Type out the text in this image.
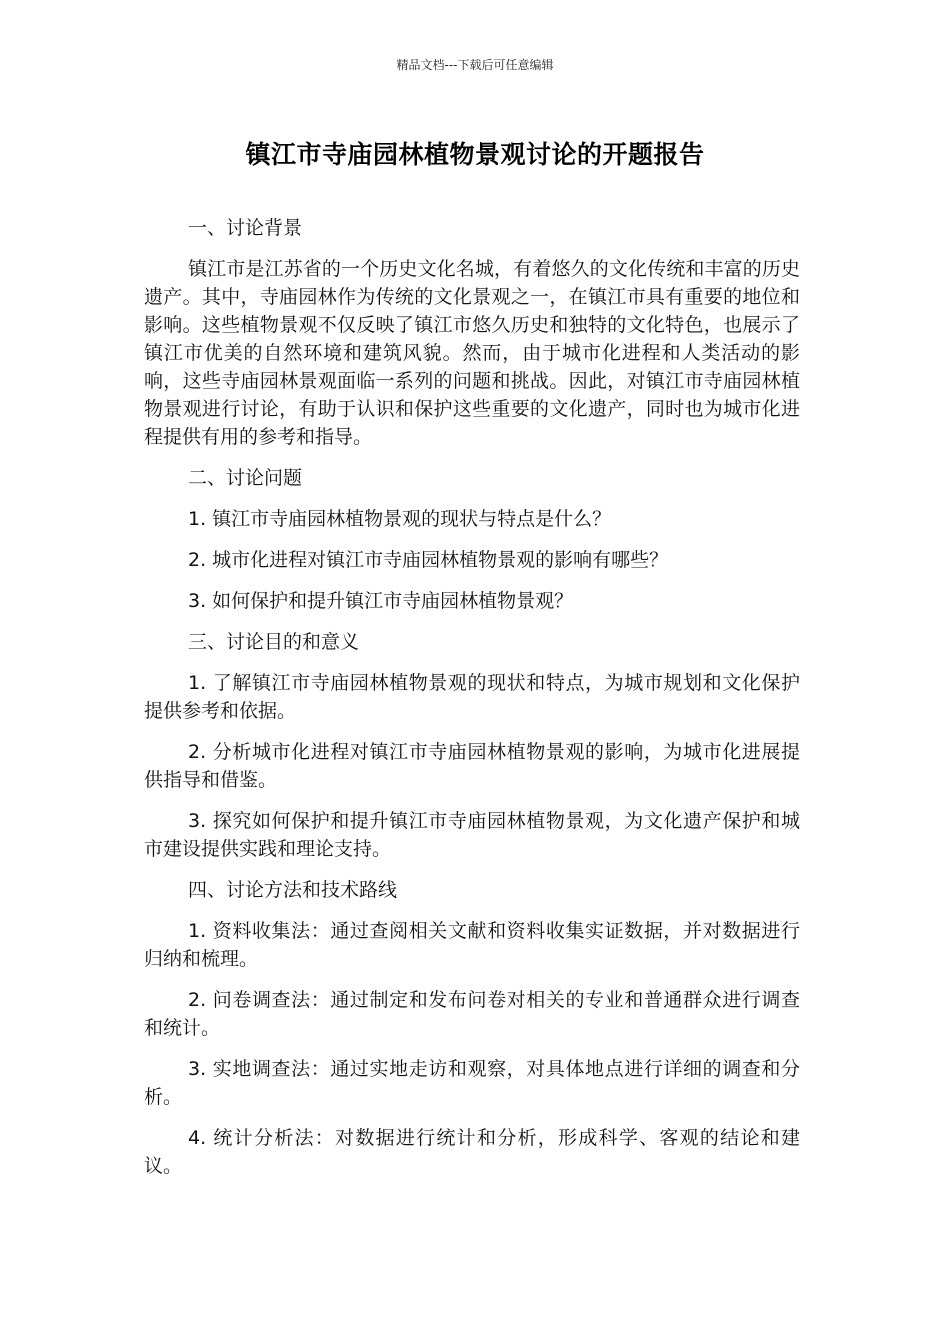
精品文档---下载后可任意编辑
镇江市寺庙园林植物景观讨论的开题报告

一、讨论背景

镇江市是江苏省的一个历史文化名城，有着悠久的文化传统和丰富的历史遗产。其中，寺庙园林作为传统的文化景观之一，在镇江市具有重要的地位和影响。这些植物景观不仅反映了镇江市悠久历史和独特的文化特色，也展示了镇江市优美的自然环境和建筑风貌。然而，由于城市化进程和人类活动的影响，这些寺庙园林景观面临一系列的问题和挑战。因此，对镇江市寺庙园林植物景观进行讨论，有助于认识和保护这些重要的文化遗产，同时也为城市化进程提供有用的参考和指导。

二、讨论问题

1. 镇江市寺庙园林植物景观的现状与特点是什么？

2. 城市化进程对镇江市寺庙园林植物景观的影响有哪些？

3. 如何保护和提升镇江市寺庙园林植物景观？

三、讨论目的和意义

1. 了解镇江市寺庙园林植物景观的现状和特点，为城市规划和文化保护提供参考和依据。

2. 分析城市化进程对镇江市寺庙园林植物景观的影响，为城市化进展提供指导和借鉴。

3. 探究如何保护和提升镇江市寺庙园林植物景观，为文化遗产保护和城市建设提供实践和理论支持。

四、讨论方法和技术路线

1. 资料收集法：通过查阅相关文献和资料收集实证数据，并对数据进行归纳和梳理。

2. 问卷调查法：通过制定和发布问卷对相关的专业和普通群众进行调查和统计。

3. 实地调查法：通过实地走访和观察，对具体地点进行详细的调查和分析。

4. 统计分析法：对数据进行统计和分析，形成科学、客观的结论和建议。
